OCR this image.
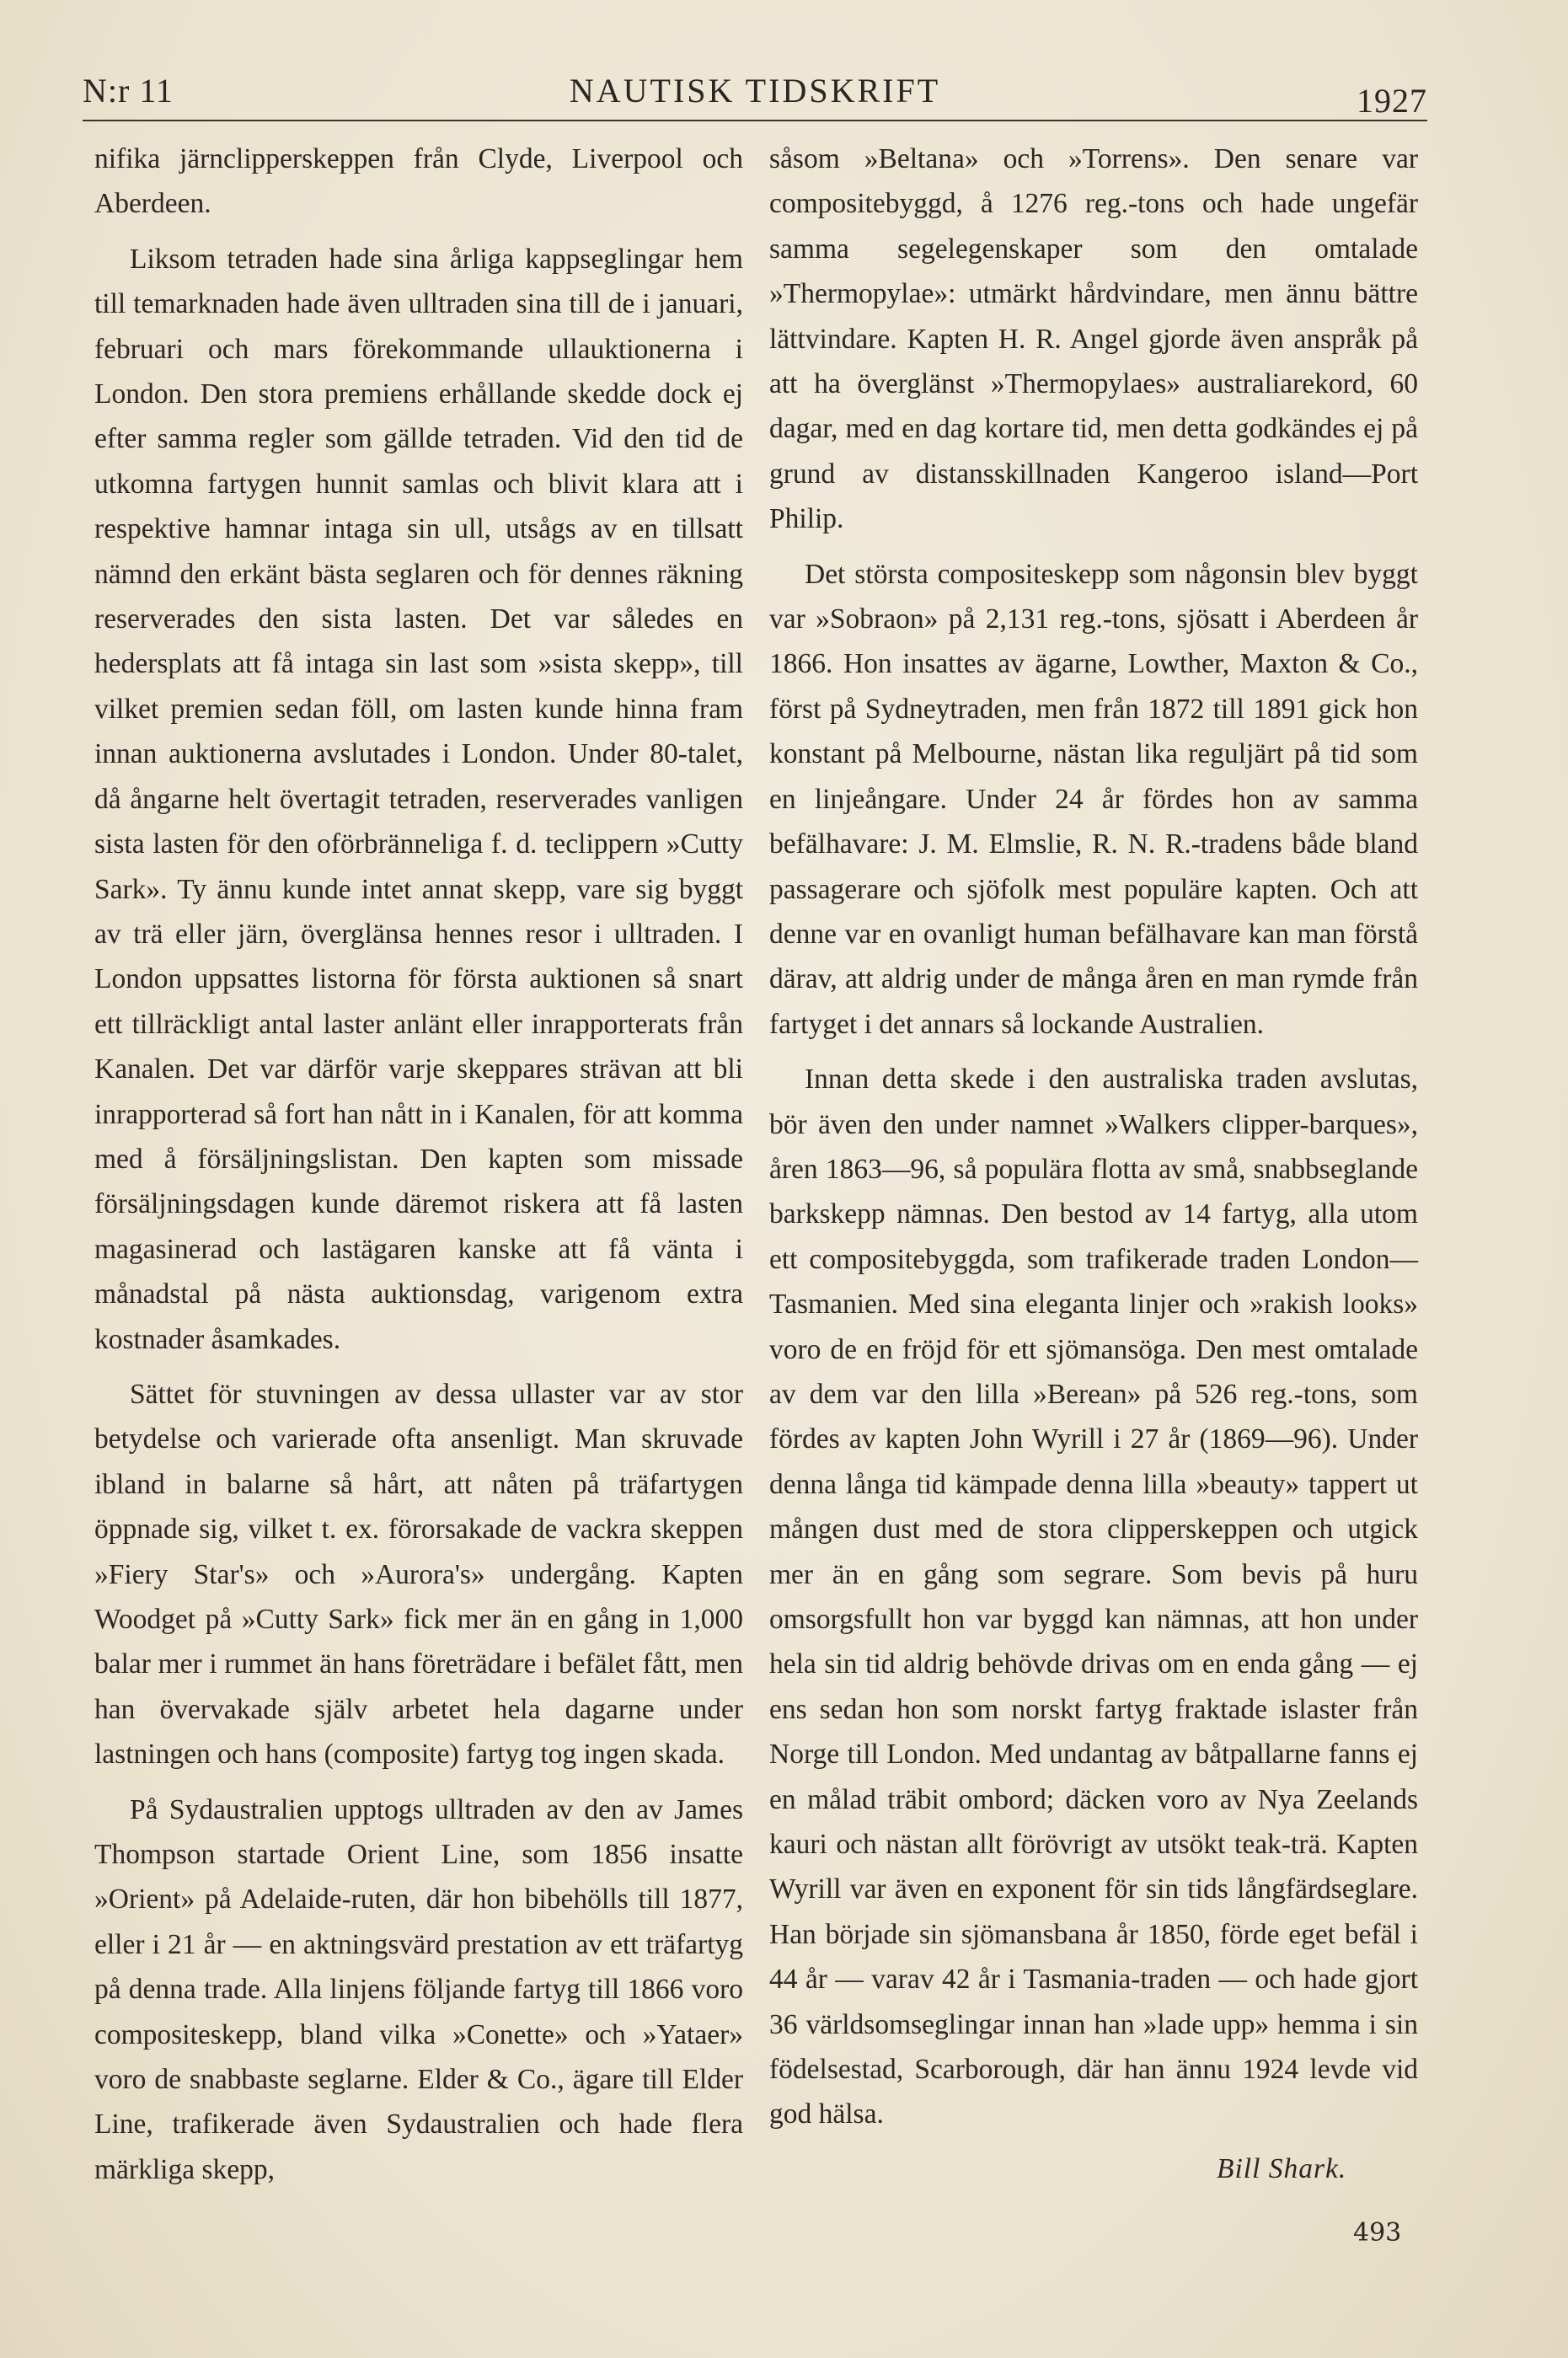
N:r 11	NAUTISK TIDSKRIFT	1927

nifika järnclipperskeppen från Clyde, Liverpool och Aberdeen.

Liksom tetraden hade sina årliga kappseglingar hem till temarknaden hade även ulltraden sina till de i januari, februari och mars förekommande ullauktionerna i London. Den stora premiens erhållande skedde dock ej efter samma regler som gällde tetraden. Vid den tid de utkomna fartygen hunnit samlas och blivit klara att i respektive hamnar intaga sin ull, utsågs av en tillsatt nämnd den erkänt bästa seglaren och för dennes räkning reserverades den sista lasten. Det var således en hedersplats att få intaga sin last som »sista skepp», till vilket premien sedan föll, om lasten kunde hinna fram innan auktionerna avslutades i London. Under 80-talet, då ångarne helt övertagit tetraden, reserverades vanligen sista lasten för den oförbränneliga f. d. teclippern »Cutty Sark». Ty ännu kunde intet annat skepp, vare sig byggt av trä eller järn, överglänsa hennes resor i ulltraden. I London uppsattes listorna för första auktionen så snart ett tillräckligt antal laster anlänt eller inrapporterats från Kanalen. Det var därför varje skeppares strävan att bli inrapporterad så fort han nått in i Kanalen, för att komma med å försäljningslistan. Den kapten som missade försäljningsdagen kunde däremot riskera att få lasten magasinerad och lastägaren kanske att få vänta i månadstal på nästa auktionsdag, varigenom extra kostnader åsamkades.

Sättet för stuvningen av dessa ullaster var av stor betydelse och varierade ofta ansenligt. Man skruvade ibland in balarne så hårt, att nåten på träfartygen öppnade sig, vilket t. ex. förorsakade de vackra skeppen »Fiery Star's» och »Aurora's» undergång. Kapten Woodget på »Cutty Sark» fick mer än en gång in 1,000 balar mer i rummet än hans företrädare i befälet fått, men han övervakade själv arbetet hela dagarne under lastningen och hans (composite) fartyg tog ingen skada.

På Sydaustralien upptogs ulltraden av den av James Thompson startade Orient Line, som 1856 insatte »Orient» på Adelaide-ruten, där hon bibehölls till 1877, eller i 21 år — en aktningsvärd prestation av ett träfartyg på denna trade. Alla linjens följande fartyg till 1866 voro compositeskepp, bland vilka »Conette» och »Yataer» voro de snabbaste seglarne. Elder & Co., ägare till Elder Line, trafikerade även Sydaustralien och hade flera märkliga skepp,

såsom »Beltana» och »Torrens». Den senare var compositebyggd, å 1276 reg.-tons och hade ungefär samma segelegenskaper som den omtalade »Thermopylae»: utmärkt hårdvindare, men ännu bättre lättvindare. Kapten H. R. Angel gjorde även anspråk på att ha överglänst »Thermopylaes» australiarekord, 60 dagar, med en dag kortare tid, men detta godkändes ej på grund av distansskillnaden Kangeroo island—Port Philip.

Det största compositeskepp som någonsin blev byggt var »Sobraon» på 2,131 reg.-tons, sjösatt i Aberdeen år 1866. Hon insattes av ägarne, Lowther, Maxton & Co., först på Sydneytraden, men från 1872 till 1891 gick hon konstant på Melbourne, nästan lika reguljärt på tid som en linjeångare. Under 24 år fördes hon av samma befälhavare: J. M. Elmslie, R. N. R.-tradens både bland passagerare och sjöfolk mest populäre kapten. Och att denne var en ovanligt human befälhavare kan man förstå därav, att aldrig under de många åren en man rymde från fartyget i det annars så lockande Australien.

Innan detta skede i den australiska traden avslutas, bör även den under namnet »Walkers clipper-barques», åren 1863—96, så populära flotta av små, snabbseglande barkskepp nämnas. Den bestod av 14 fartyg, alla utom ett compositebyggda, som trafikerade traden London—Tasmanien. Med sina eleganta linjer och »rakish looks» voro de en fröjd för ett sjömansöga. Den mest omtalade av dem var den lilla »Berean» på 526 reg.-tons, som fördes av kapten John Wyrill i 27 år (1869—96). Under denna långa tid kämpade denna lilla »beauty» tappert ut mången dust med de stora clipperskeppen och utgick mer än en gång som segrare. Som bevis på huru omsorgsfullt hon var byggd kan nämnas, att hon under hela sin tid aldrig behövde drivas om en enda gång — ej ens sedan hon som norskt fartyg fraktade islaster från Norge till London. Med undantag av båtpallarne fanns ej en målad träbit ombord; däcken voro av Nya Zeelands kauri och nästan allt förövrigt av utsökt teak-trä. Kapten Wyrill var även en exponent för sin tids långfärdseglare. Han började sin sjömansbana år 1850, förde eget befäl i 44 år — varav 42 år i Tasmania-traden — och hade gjort 36 världsomseglingar innan han »lade upp» hemma i sin födelsestad, Scarborough, där han ännu 1924 levde vid god hälsa.

Bill Shark.
493
